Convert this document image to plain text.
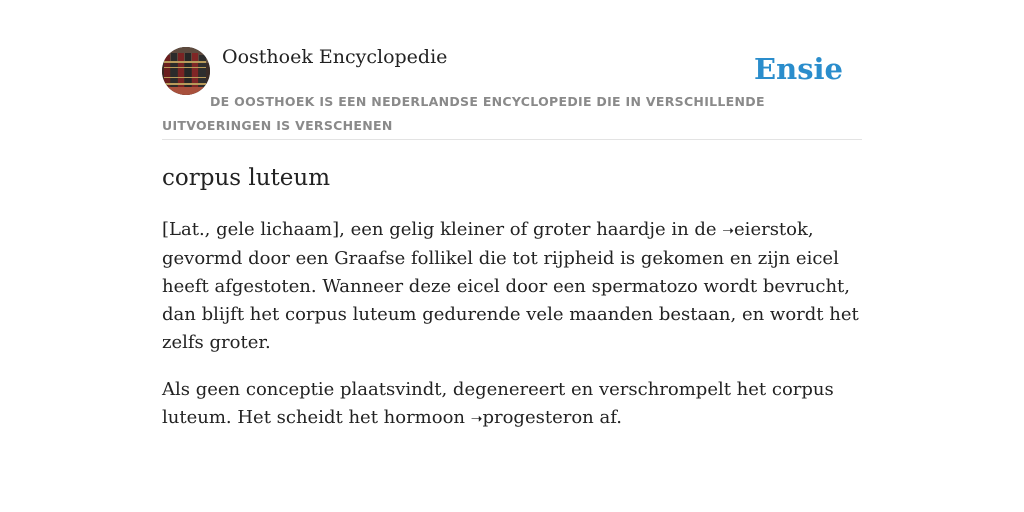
Oosthoek Encyclopedie	Ensie
DE OOSTHOEK IS EEN NEDERLANDSE ENCYCLOPEDIE DIE IN VERSCHILLENDE UITVOERINGEN IS VERSCHENEN
corpus luteum

[Lat., gele lichaam], een gelig kleiner of groter haardje in de ➝eierstok, gevormd door een Graafse follikel die tot rijpheid is gekomen en zijn eicel heeft afgestoten. Wanneer deze eicel door een spermatozo wordt bevrucht, dan blijft het corpus luteum gedurende vele maanden bestaan, en wordt het zelfs groter.

Als geen conceptie plaatsvindt, degenereert en verschrompelt het corpus luteum. Het scheidt het hormoon ➝progesteron af.
